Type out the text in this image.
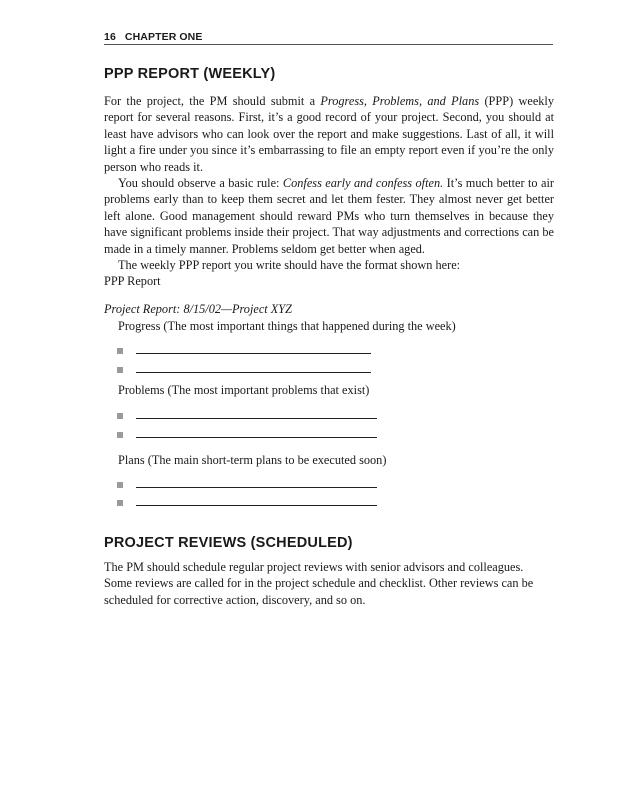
16 CHAPTER ONE
PPP REPORT (WEEKLY)

For the project, the PM should submit a Progress, Problems, and Plans (PPP) weekly report for several reasons. First, it’s a good record of your project. Second, you should at least have advisors who can look over the report and make suggestions. Last of all, it will light a fire under you since it’s embarrassing to file an empty report even if you’re the only person who reads it.

You should observe a basic rule: Confess early and confess often. It’s much better to air problems early than to keep them secret and let them fester. They almost never get better left alone. Good management should reward PMs who turn themselves in because they have significant problems inside their project. That way adjustments and corrections can be made in a timely manner. Problems seldom get better when aged.

The weekly PPP report you write should have the format shown here:

PPP Report

Project Report: 8/15/02—Project XYZ
Progress (The most important things that happened during the week)
Problems (The most important problems that exist)
Plans (The main short-term plans to be executed soon)
PROJECT REVIEWS (SCHEDULED)

The PM should schedule regular project reviews with senior advisors and colleagues. Some reviews are called for in the project schedule and checklist. Other reviews can be scheduled for corrective action, discovery, and so on.
